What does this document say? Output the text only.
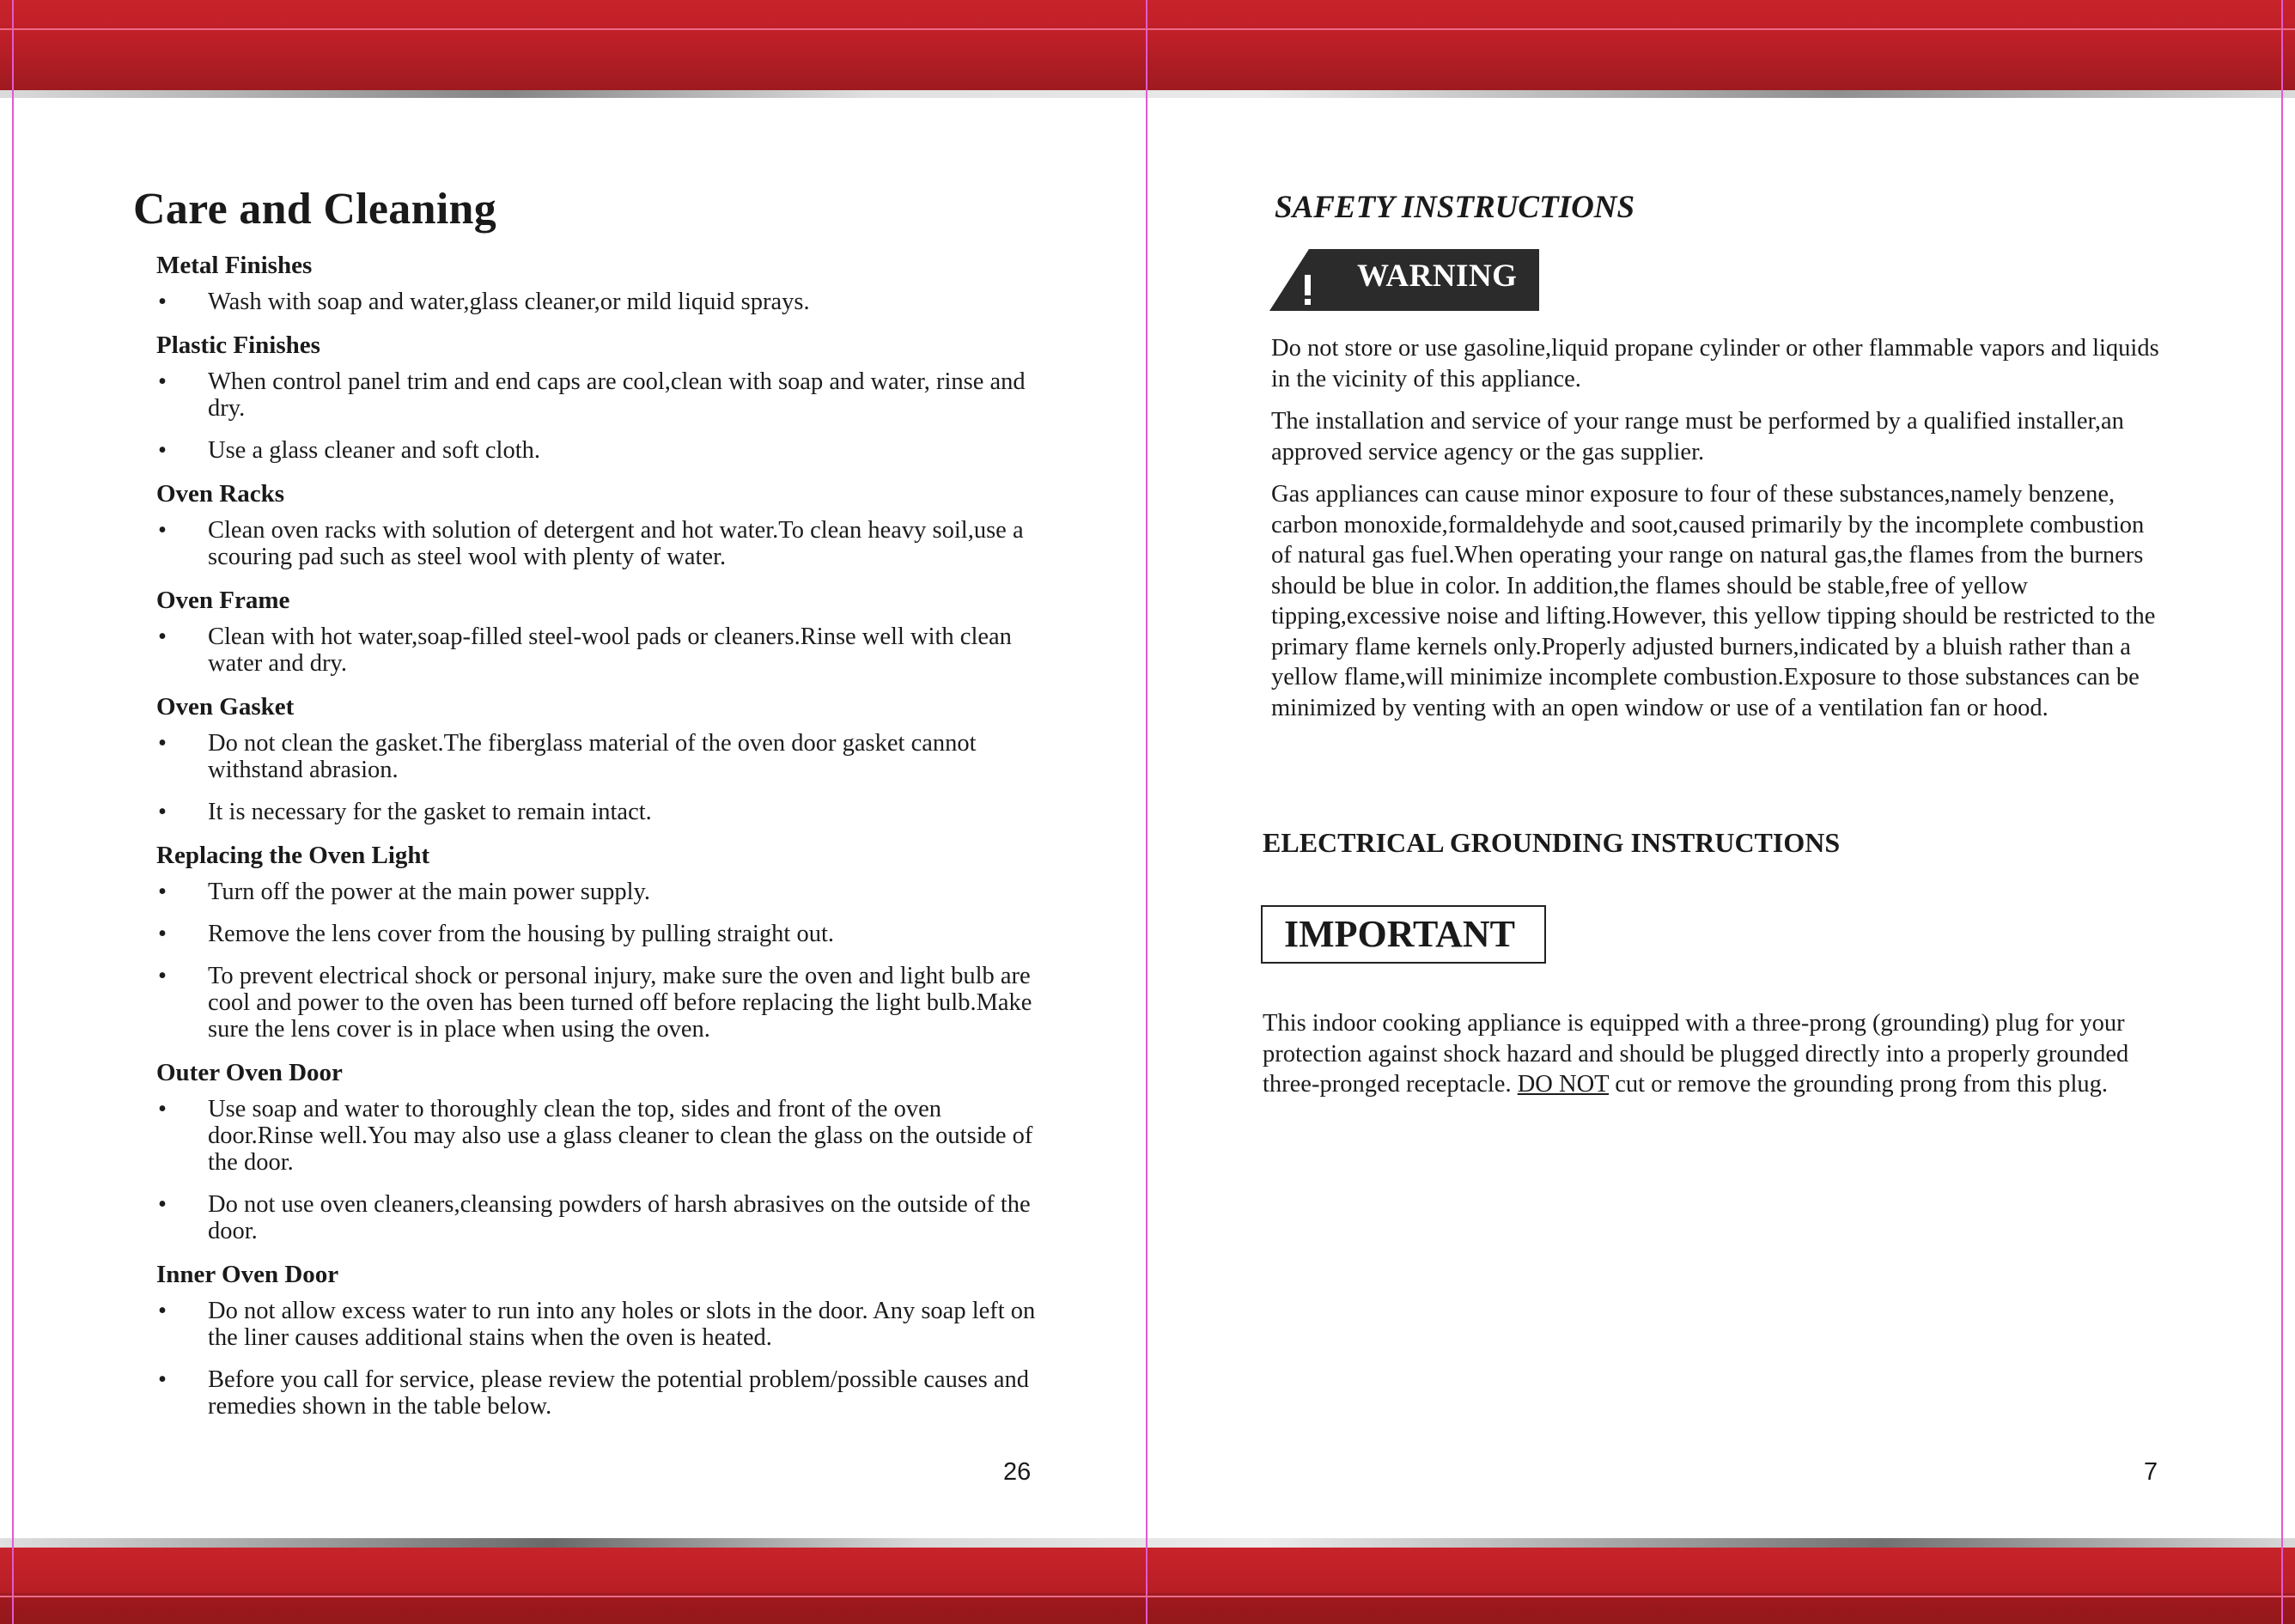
Care and Cleaning
Metal Finishes
• Wash with soap and water,glass cleaner,or mild liquid sprays.
Plastic Finishes
• When control panel trim and end caps are cool,clean with soap and water, rinse and dry.
• Use a glass cleaner and soft cloth.
Oven Racks
• Clean oven racks with solution of detergent and hot water.To clean heavy soil,use a scouring pad such as steel wool with plenty of water.
Oven Frame
• Clean with hot water,soap-filled steel-wool pads or cleaners.Rinse well with clean water and dry.
Oven Gasket
• Do not clean the gasket.The fiberglass material of the oven door gasket cannot withstand abrasion.
• It is necessary for the gasket to remain intact.
Replacing the Oven Light
• Turn off the power at the main power supply.
• Remove the lens cover from the housing by pulling straight out.
• To prevent electrical shock or personal injury, make sure the oven and light bulb are cool and power to the oven has been turned off before replacing the light bulb.Make sure the lens cover is in place when using the oven.
Outer Oven Door
• Use soap and water to thoroughly clean the top, sides and front of the oven door.Rinse well.You may also use a glass cleaner to clean the glass on the outside of the door.
• Do not use oven cleaners,cleansing powders of harsh abrasives on the outside of the door.
Inner Oven Door
• Do not allow excess water to run into any holes or slots in the door. Any soap left on the liner causes additional stains when the oven is heated.
• Before you call for service, please review the potential problem/possible causes and remedies shown in the table below.
26
SAFETY INSTRUCTIONS
WARNING

Do not store or use gasoline,liquid propane cylinder or other flammable vapors and liquids in the vicinity of this appliance.

The installation and service of your range must be performed by a qualified installer,an approved service agency or the gas supplier.

Gas appliances can cause minor exposure to four of these substances,namely benzene, carbon monoxide,formaldehyde and soot,caused primarily by the incomplete combustion of natural gas fuel.When operating your range on natural gas,the flames from the burners should be blue in color. In addition,the flames should be stable,free of yellow tipping,excessive noise and lifting.However, this yellow tipping should be restricted to the primary flame kernels only.Properly adjusted burners,indicated by a bluish rather than a yellow flame,will minimize incomplete combustion.Exposure to those substances can be minimized by venting with an open window or use of a ventilation fan or hood.

ELECTRICAL GROUNDING INSTRUCTIONS
IMPORTANT

This indoor cooking appliance is equipped with a three-prong (grounding) plug for your protection against shock hazard and should be plugged directly into a properly grounded three-pronged receptacle. DO NOT cut or remove the grounding prong from this plug.

7
